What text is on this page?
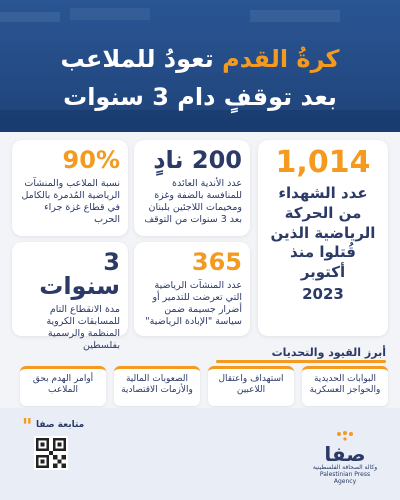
كرةُ القدم تعودُ للملاعب
بعد توقفٍ دام 3 سنوات
1,014
عدد الشهداء من الحركة الرياضية الذين قُتلوا منذ أكتوبر
2023
200 نادٍ
عدد الأندية العائدة للمنافسة بالضفة وغزة ومخيمات اللاجئين بلبنان بعد 3 سنوات من التوقف
90%
نسبة الملاعب والمنشآت الرياضية المُدمرة بالكامل في قطاع غزة جراء الحرب
365
عدد المنشآت الرياضية التي تعرضت للتدمير أو أضرار جسيمة ضمن سياسة "الإبادة الرياضية"
3 سنوات
مدة الانقطاع التام للمسابقات الكروية المنظمة والرسمية بفلسطين
أبرز القيود والتحديات
البوابات الحديدية والحواجز العسكرية
استهداف واعتقال اللاعبين
الصعوبات المالية والأزمات الاقتصادية
أوامر الهدم بحق الملاعب
" متابعة صفا
صفا
وكالة الصحافة الفلسطينية
Palestinian Press Agency
